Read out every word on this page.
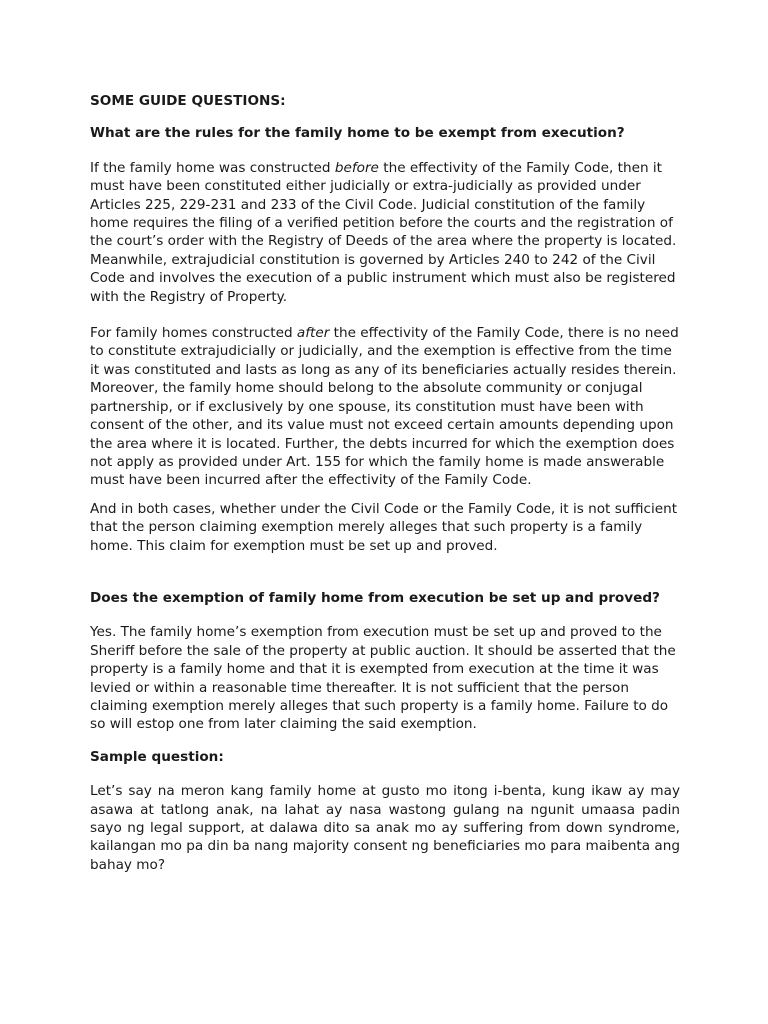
SOME GUIDE QUESTIONS:

What are the rules for the family home to be exempt from execution?

If the family home was constructed before the effectivity of the Family Code, then it must have been constituted either judicially or extra-judicially as provided under Articles 225, 229-231 and 233 of the Civil Code. Judicial constitution of the family home requires the filing of a verified petition before the courts and the registration of the court’s order with the Registry of Deeds of the area where the property is located. Meanwhile, extrajudicial constitution is governed by Articles 240 to 242 of the Civil Code and involves the execution of a public instrument which must also be registered with the Registry of Property.

For family homes constructed after the effectivity of the Family Code, there is no need to constitute extrajudicially or judicially, and the exemption is effective from the time it was constituted and lasts as long as any of its beneficiaries actually resides therein. Moreover, the family home should belong to the absolute community or conjugal partnership, or if exclusively by one spouse, its constitution must have been with consent of the other, and its value must not exceed certain amounts depending upon the area where it is located. Further, the debts incurred for which the exemption does not apply as provided under Art. 155 for which the family home is made answerable must have been incurred after the effectivity of the Family Code.

And in both cases, whether under the Civil Code or the Family Code, it is not sufficient that the person claiming exemption merely alleges that such property is a family home. This claim for exemption must be set up and proved.

Does the exemption of family home from execution be set up and proved?

Yes. The family home’s exemption from execution must be set up and proved to the Sheriff before the sale of the property at public auction. It should be asserted that the property is a family home and that it is exempted from execution at the time it was levied or within a reasonable time thereafter. It is not sufficient that the person claiming exemption merely alleges that such property is a family home. Failure to do so will estop one from later claiming the said exemption.

Sample question:

Let’s say na meron kang family home at gusto mo itong i-benta, kung ikaw ay may asawa at tatlong anak, na lahat ay nasa wastong gulang na ngunit umaasa padin sayo ng legal support, at dalawa dito sa anak mo ay suffering from down syndrome, kailangan mo pa din ba nang majority consent ng beneficiaries mo para maibenta ang bahay mo?
